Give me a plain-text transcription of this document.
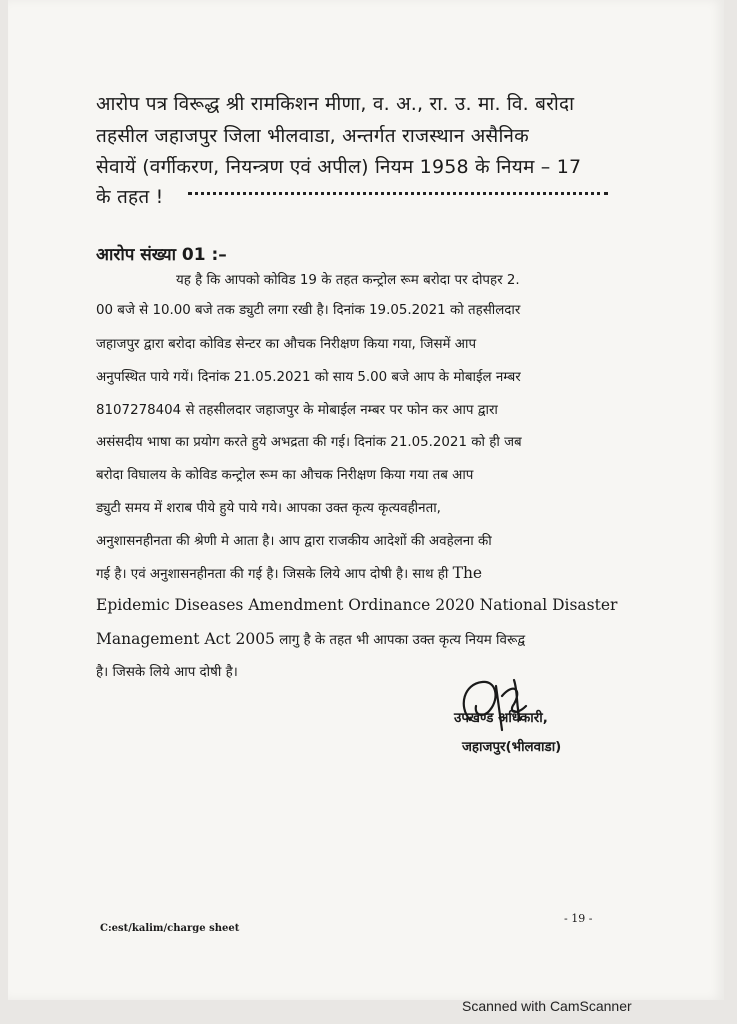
आरोप पत्र विरूद्ध श्री रामकिशन मीणा, व. अ., रा. उ. मा. वि. बरोदा
तहसील जहाजपुर जिला भीलवाडा, अन्तर्गत राजस्थान असैनिक
सेवायें (वर्गीकरण, नियन्त्रण एवं अपील) नियम 1958 के नियम – 17
के तहत !
आरोप संख्या 01 :–
यह है कि आपको कोविड 19 के तहत कन्ट्रोल रूम बरोदा पर दोपहर 2.
00 बजे से 10.00 बजे तक ड्युटी लगा रखी है। दिनांक 19.05.2021 को तहसीलदार
जहाजपुर द्वारा बरोदा कोविड सेन्टर का औचक निरीक्षण किया गया, जिसमें आप
अनुपस्थित पाये गयें। दिनांक 21.05.2021 को साय 5.00 बजे आप के मोबाईल नम्बर
8107278404 से तहसीलदार जहाजपुर के मोबाईल नम्बर पर फोन कर आप द्वारा
असंसदीय भाषा का प्रयोग करते हुये अभद्रता की गई। दिनांक 21.05.2021 को ही जब
बरोदा विघालय के कोविड कन्ट्रोल रूम का औचक निरीक्षण किया गया तब आप
ड्युटी समय में शराब पीये हुये पाये गये। आपका उक्त कृत्य कृत्यवहीनता,
अनुशासनहीनता की श्रेणी मे आता है। आप द्वारा राजकीय आदेशों की अवहेलना की
गई है। एवं अनुशासनहीनता की गई है। जिसके लिये आप दोषी है। साथ ही The
Epidemic Diseases Amendment Ordinance 2020 National Disaster
Management Act 2005 लागु है के तहत भी आपका उक्त कृत्य नियम विरूद्व
है। जिसके लिये आप दोषी है।
उपखण्ड अधिकारी,
जहाजपुर(भीलवाडा)
C:est/kalim/charge sheet
- 19 -
Scanned with CamScanner
